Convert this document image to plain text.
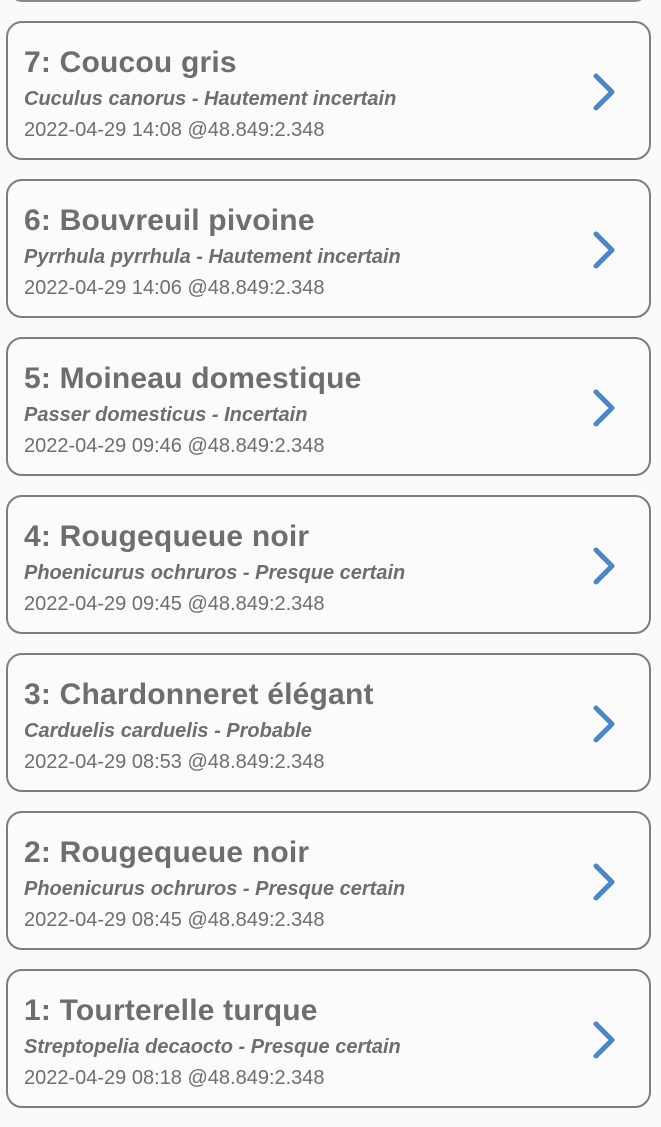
7: Coucou gris
Cuculus canorus - Hautement incertain
2022-04-29 14:08 @48.849:2.348
6: Bouvreuil pivoine
Pyrrhula pyrrhula - Hautement incertain
2022-04-29 14:06 @48.849:2.348
5: Moineau domestique
Passer domesticus - Incertain
2022-04-29 09:46 @48.849:2.348
4: Rougequeue noir
Phoenicurus ochruros - Presque certain
2022-04-29 09:45 @48.849:2.348
3: Chardonneret élégant
Carduelis carduelis - Probable
2022-04-29 08:53 @48.849:2.348
2: Rougequeue noir
Phoenicurus ochruros - Presque certain
2022-04-29 08:45 @48.849:2.348
1: Tourterelle turque
Streptopelia decaocto - Presque certain
2022-04-29 08:18 @48.849:2.348
